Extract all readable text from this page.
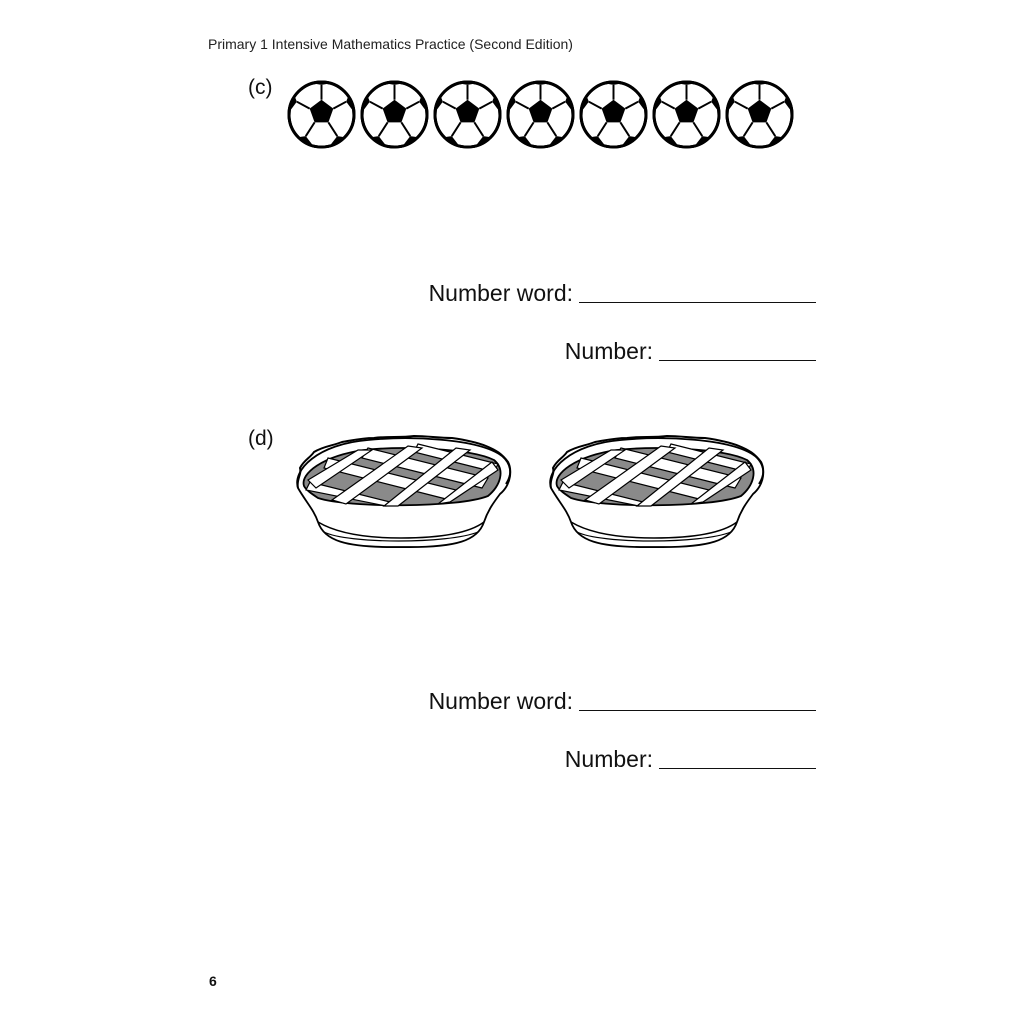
Primary 1 Intensive Mathematics Practice (Second Edition)
(c)
Number word:
Number:
(d)
Number word:
Number:
6
